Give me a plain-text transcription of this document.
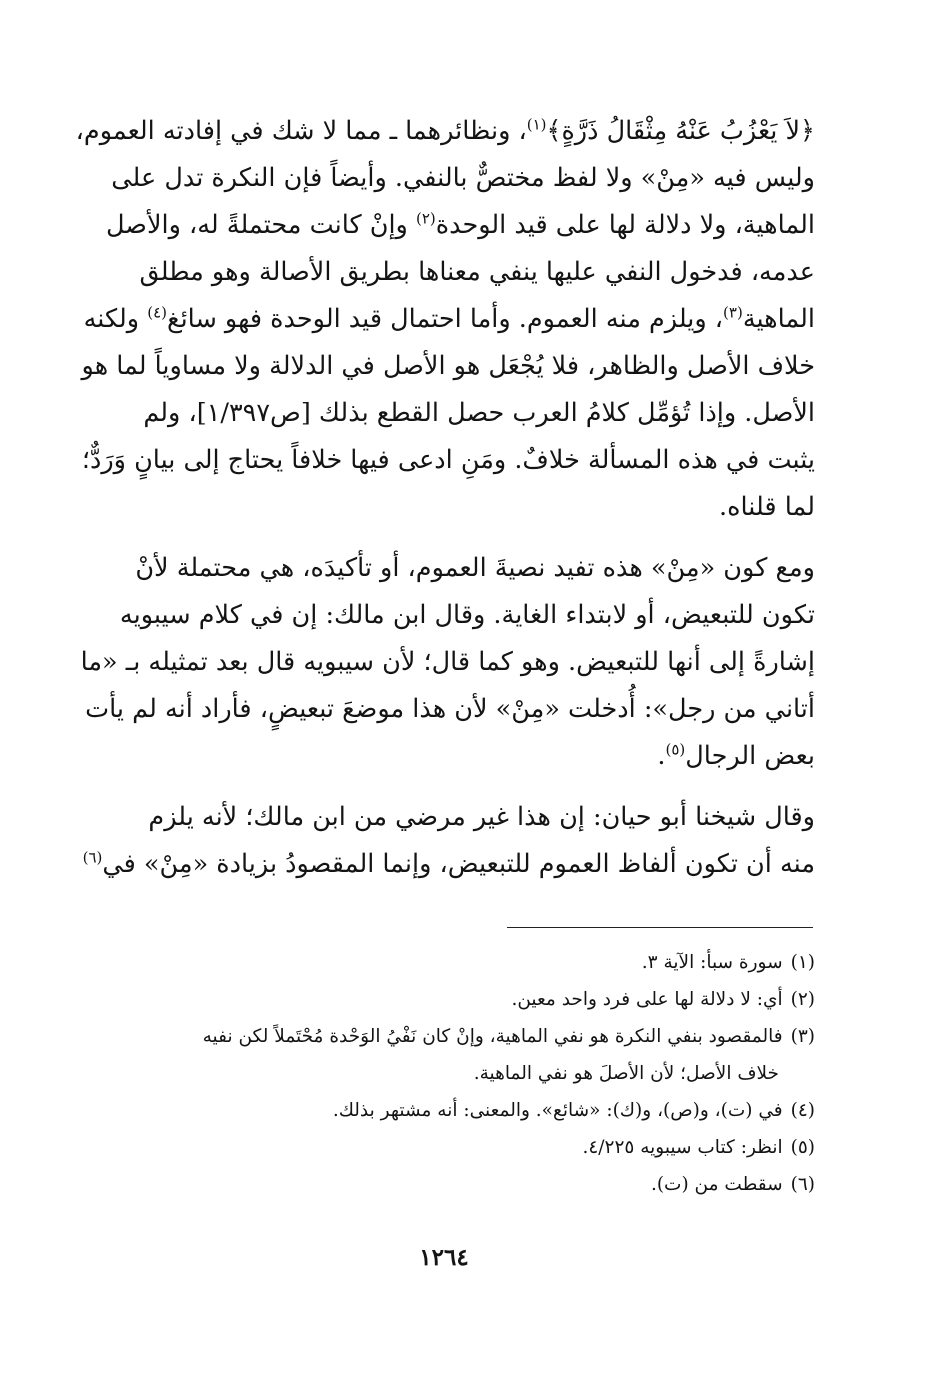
﴿لاَ يَعْزُبُ عَنْهُ مِثْقَالُ ذَرَّةٍ﴾$^{(١)}$، ونظائرهما ـ مما لا شك في إفادته العموم،
وليس فيه «مِنْ» ولا لفظ مختصٌّ بالنفي. وأيضاً فإن النكرة تدل على
الماهية، ولا دلالة لها على قيد الوحدة$^{(٢)}$ وإنْ كانت محتملةً له، والأصل
عدمه، فدخول النفي عليها ينفي معناها بطريق الأصالة وهو مطلق
الماهية$^{(٣)}$، ويلزم منه العموم. وأما احتمال قيد الوحدة فهو سائغ$^{(٤)}$ ولكنه
خلاف الأصل والظاهر، فلا يُجْعَل هو الأصل في الدلالة ولا مساوياً لما هو
الأصل. وإذا تُؤمِّل كلامُ العرب حصل القطع بذلك [ص١/٣٩٧]، ولم
يثبت في هذه المسألة خلافٌ. ومَنِ ادعى فيها خلافاً يحتاج إلى بيانٍ وَرَدٌّ؛
لما قلناه.
ومع كون «مِنْ» هذه تفيد نصيةَ العموم، أو تأكيدَه، هي محتملة لأنْ
تكون للتبعيض، أو لابتداء الغاية. وقال ابن مالك: إن في كلام سيبويه
إشارةً إلى أنها للتبعيض. وهو كما قال؛ لأن سيبويه قال بعد تمثيله بـ «ما
أتاني من رجل»: أُدخلت «مِنْ» لأن هذا موضعَ تبعيضٍ، فأراد أنه لم يأت
بعض الرجال$^{(٥)}$.
وقال شيخنا أبو حيان: إن هذا غير مرضي من ابن مالك؛ لأنه يلزم
منه أن تكون ألفاظ العموم للتبعيض، وإنما المقصودُ بزيادة «مِنْ» في$^{(٦)}$
(١)سورة سبأ: الآية ٣.
(٢)أي: لا دلالة لها على فرد واحد معين.
(٣)فالمقصود بنفي النكرة هو نفي الماهية، وإنْ كان نَفْيُ الوَحْدة مُحْتَملاً لكن نفيه
خلاف الأصل؛ لأن الأصلَ هو نفي الماهية.
(٤)في (ت)، و(ص)، و(ك): «شائع». والمعنى: أنه مشتهر بذلك.
(٥)انظر: كتاب سيبويه ٤/٢٢٥.
(٦)سقطت من (ت).
١٢٦٤
